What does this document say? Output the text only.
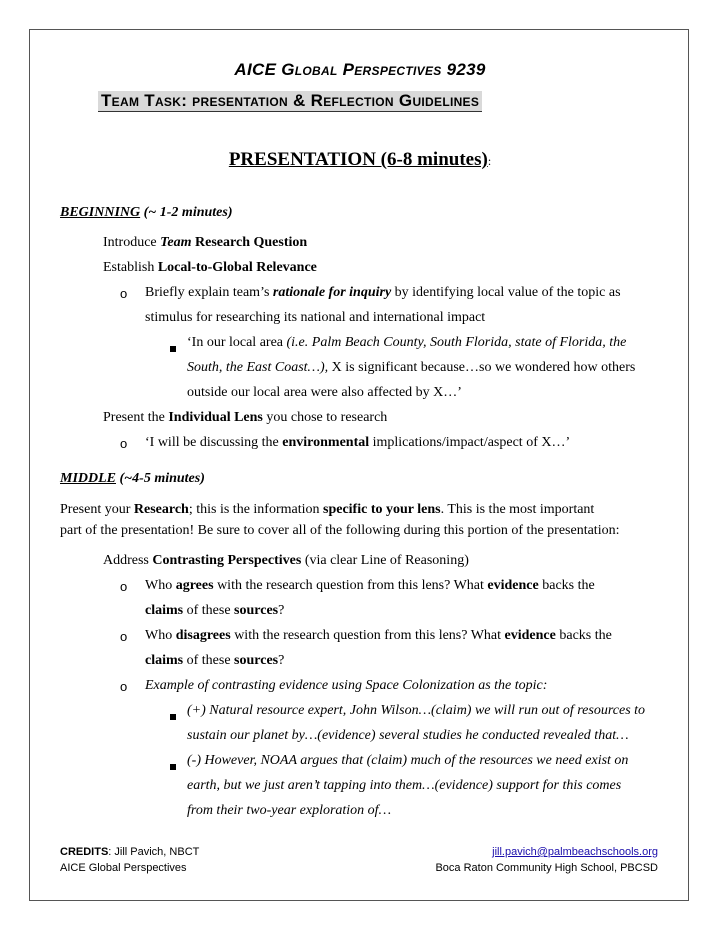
AICE Global Perspectives 9239
Team Task: presentation & Reflection Guidelines
PRESENTATION (6-8 minutes):
BEGINNING (~ 1-2 minutes)
Introduce Team Research Question
Establish Local-to-Global Relevance
o Briefly explain team’s rationale for inquiry by identifying local value of the topic as
stimulus for researching its national and international impact
‘In our local area (i.e. Palm Beach County, South Florida, state of Florida, the
South, the East Coast…), X is significant because…so we wondered how others
outside our local area were also affected by X…’
Present the Individual Lens you chose to research
o ‘I will be discussing the environmental implications/impact/aspect of X…’
MIDDLE (~4-5 minutes)
Present your Research; this is the information specific to your lens. This is the most important
part of the presentation! Be sure to cover all of the following during this portion of the presentation:
Address Contrasting Perspectives (via clear Line of Reasoning)
o Who agrees with the research question from this lens? What evidence backs the
claims of these sources?
o Who disagrees with the research question from this lens? What evidence backs the
claims of these sources?
o Example of contrasting evidence using Space Colonization as the topic:
(+) Natural resource expert, John Wilson…(claim) we will run out of resources to
sustain our planet by…(evidence) several studies he conducted revealed that…
(-) However, NOAA argues that (claim) much of the resources we need exist on
earth, but we just aren’t tapping into them…(evidence) support for this comes
from their two-year exploration of…
CREDITS: Jill Pavich, NBCT	jill.pavich@palmbeachschools.org
AICE Global Perspectives	Boca Raton Community High School, PBCSD
